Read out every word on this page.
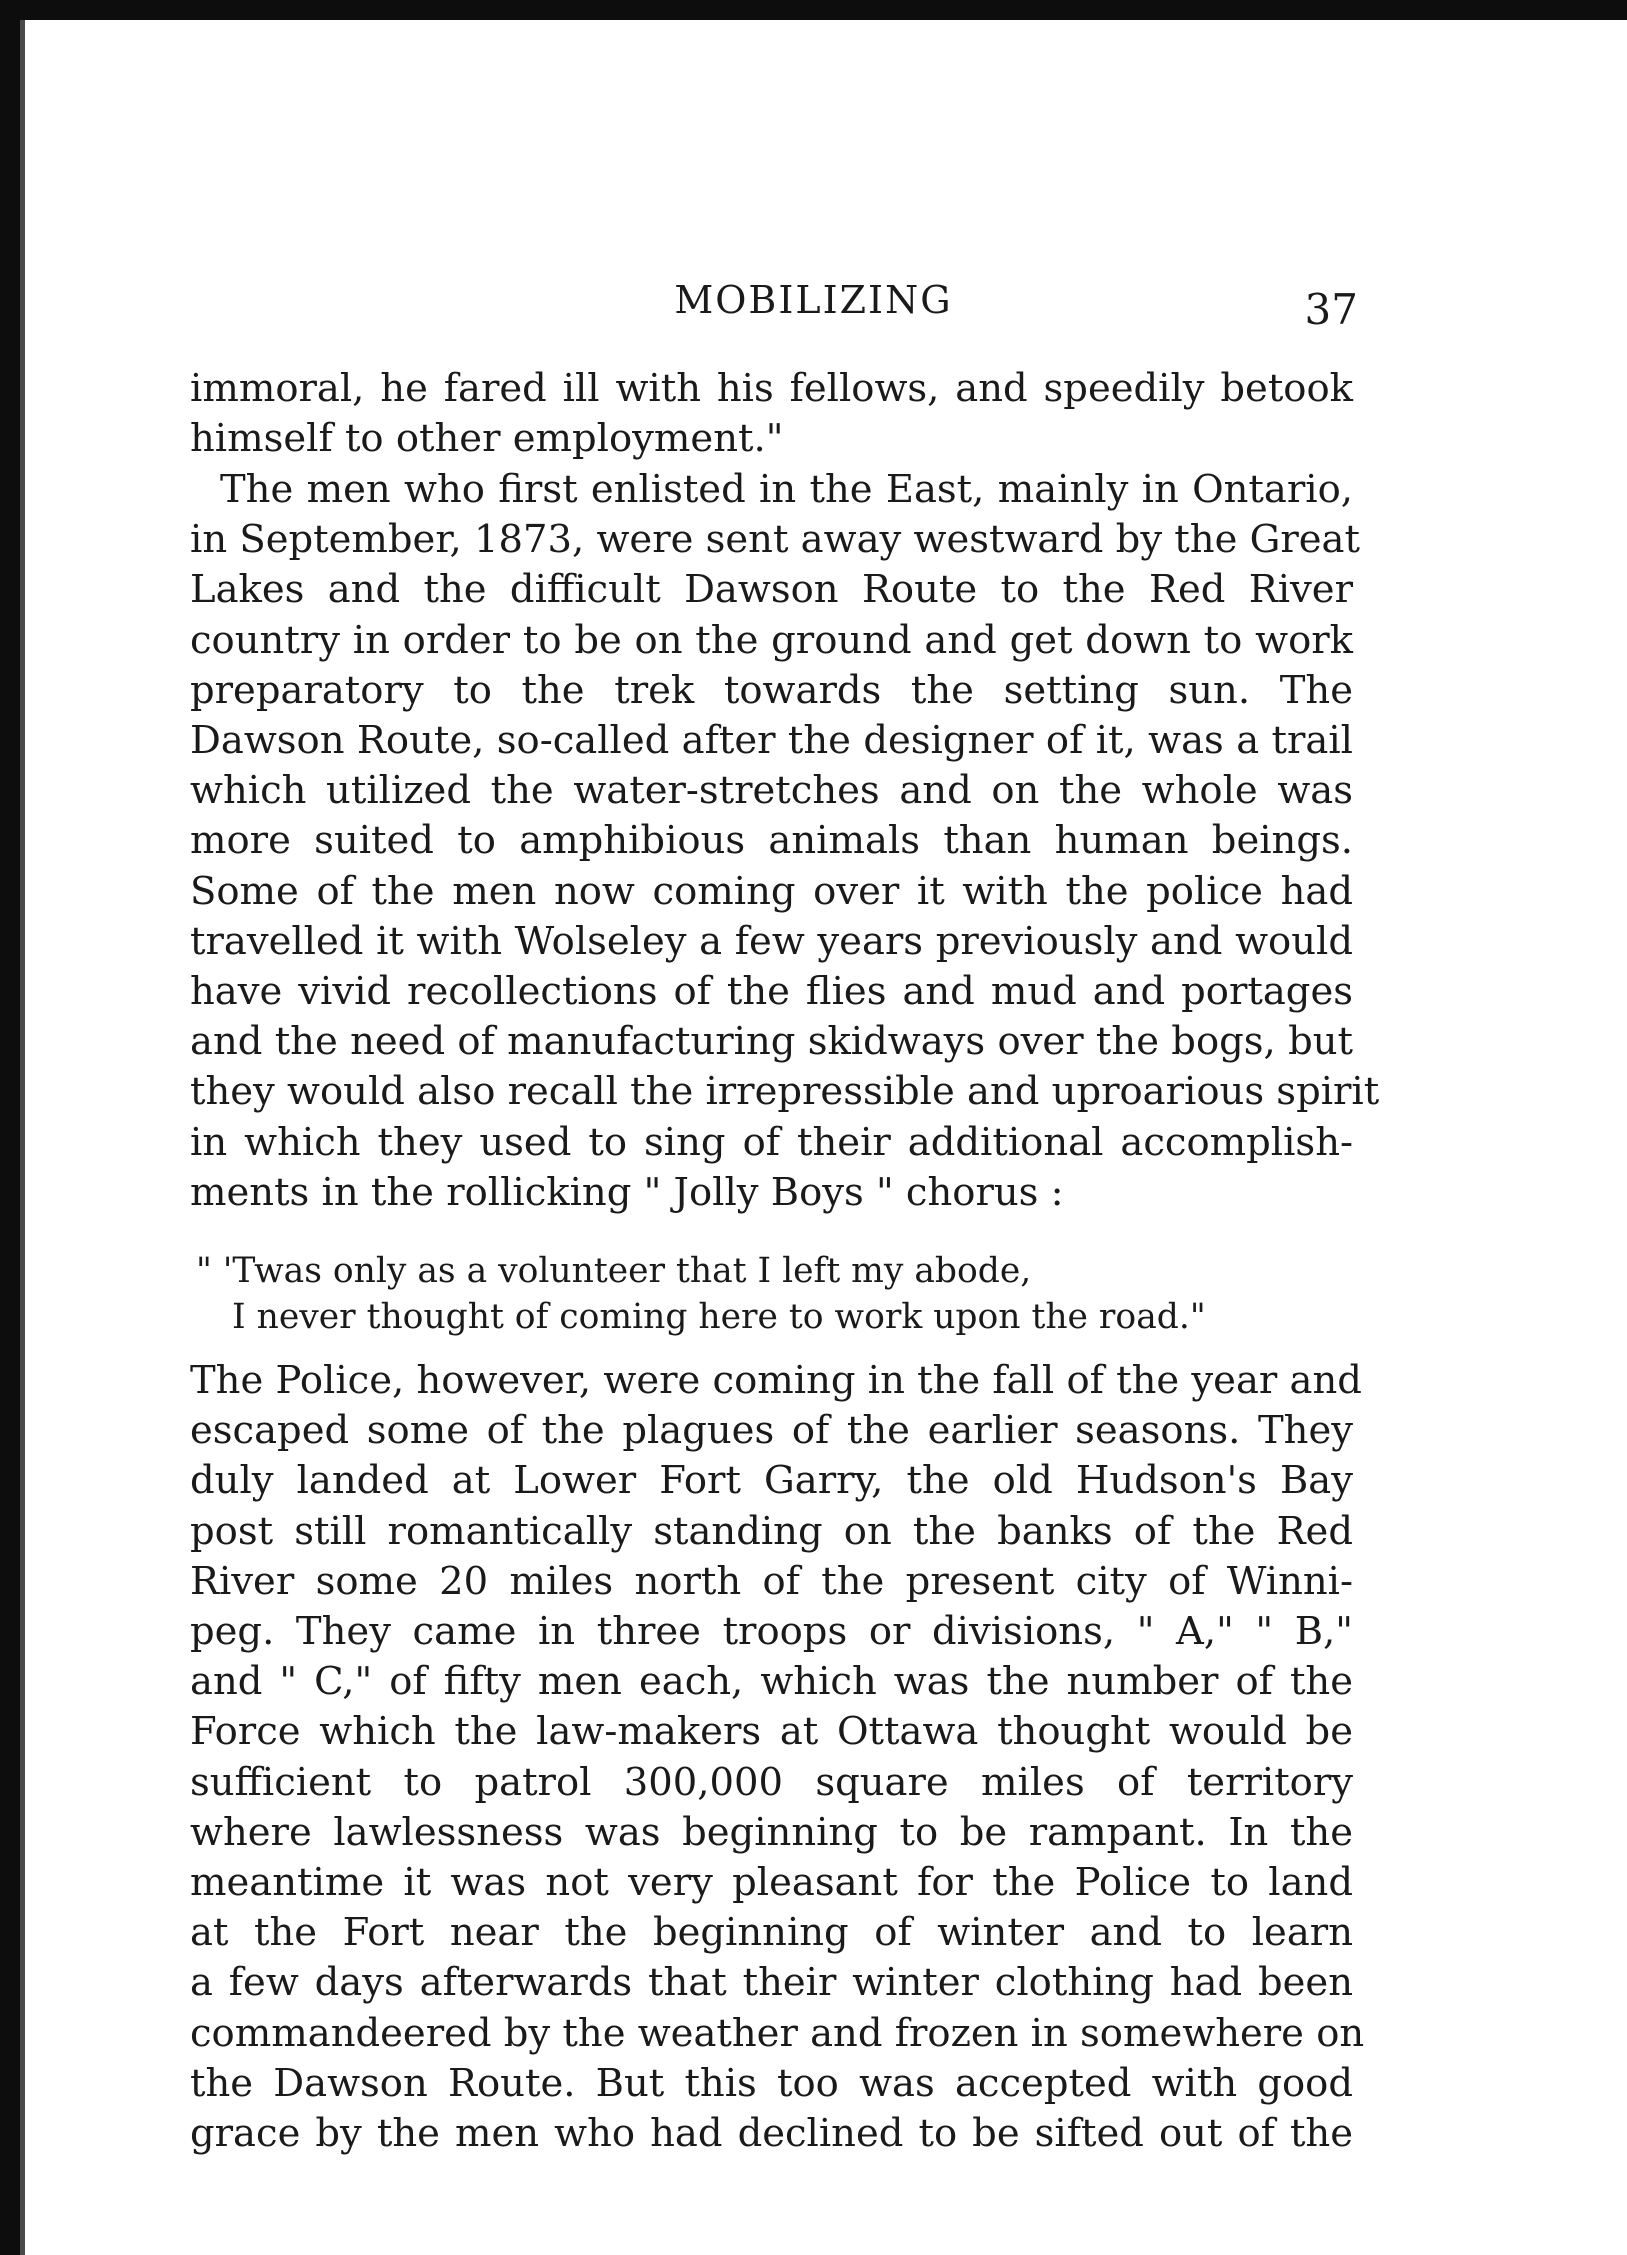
MOBILIZING	37
immoral, he fared ill with his fellows, and speedily betook
himself to other employment."
The men who first enlisted in the East, mainly in Ontario,
in September, 1873, were sent away westward by the Great
Lakes and the difficult Dawson Route to the Red River
country in order to be on the ground and get down to work
preparatory to the trek towards the setting sun. The
Dawson Route, so-called after the designer of it, was a trail
which utilized the water-stretches and on the whole was
more suited to amphibious animals than human beings.
Some of the men now coming over it with the police had
travelled it with Wolseley a few years previously and would
have vivid recollections of the flies and mud and portages
and the need of manufacturing skidways over the bogs, but
they would also recall the irrepressible and uproarious spirit
in which they used to sing of their additional accomplish-
ments in the rollicking " Jolly Boys " chorus :
" 'Twas only as a volunteer that I left my abode,
I never thought of coming here to work upon the road."
The Police, however, were coming in the fall of the year and
escaped some of the plagues of the earlier seasons. They
duly landed at Lower Fort Garry, the old Hudson's Bay
post still romantically standing on the banks of the Red
River some 20 miles north of the present city of Winni-
peg. They came in three troops or divisions, " A," " B,"
and " C," of fifty men each, which was the number of the
Force which the law-makers at Ottawa thought would be
sufficient to patrol 300,000 square miles of territory
where lawlessness was beginning to be rampant. In the
meantime it was not very pleasant for the Police to land
at the Fort near the beginning of winter and to learn
a few days afterwards that their winter clothing had been
commandeered by the weather and frozen in somewhere on
the Dawson Route. But this too was accepted with good
grace by the men who had declined to be sifted out of the
